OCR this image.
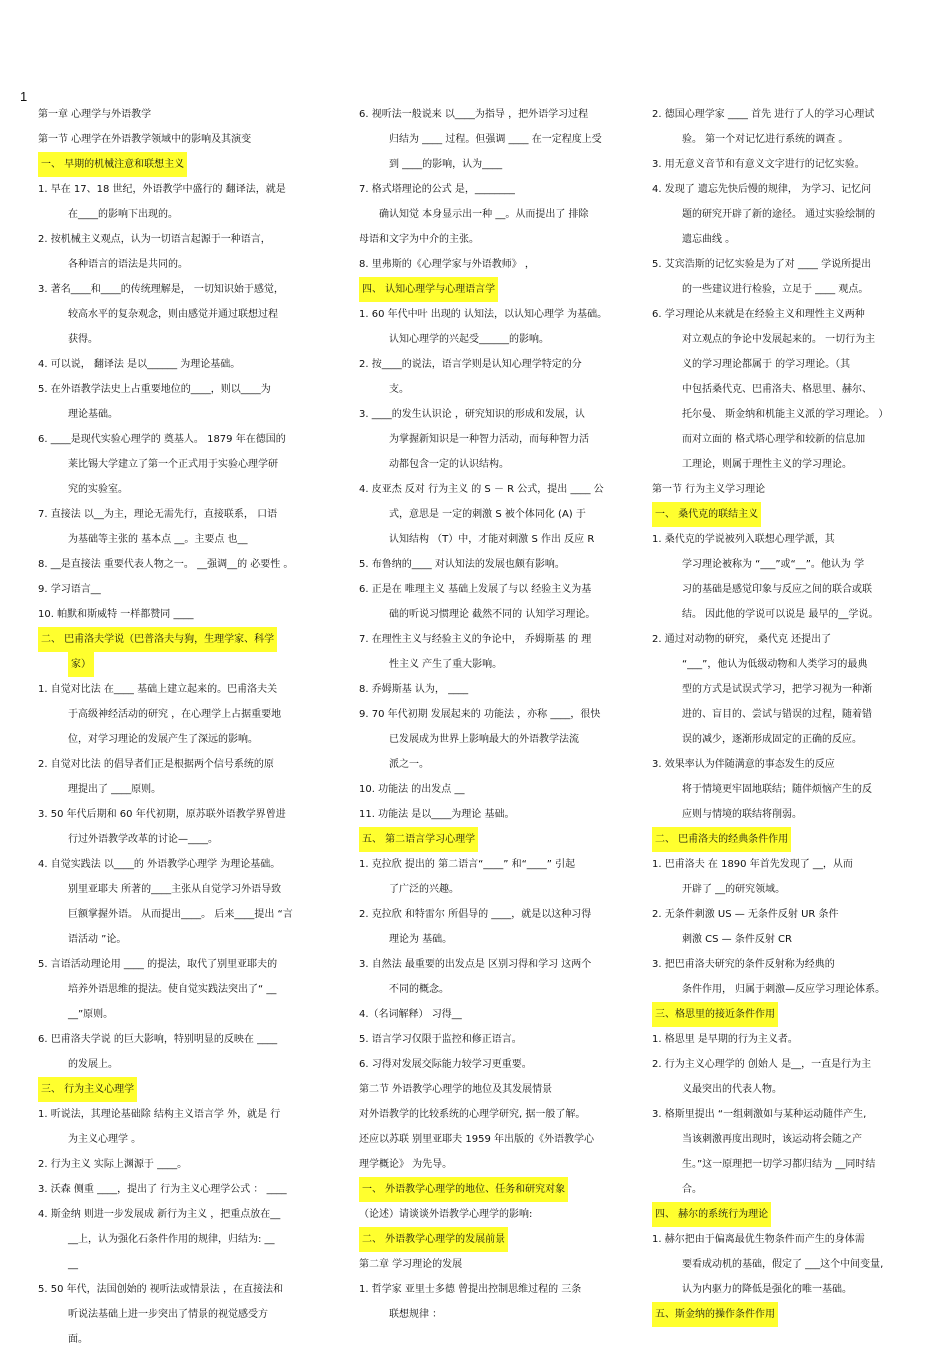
1
第一章 心理学与外语教学
第一节 心理学在外语教学领域中的影响及其演变
一、 早期的机械注意和联想主义
1. 早在 17、18 世纪，外语教学中盛行的 翻译法，就是
在____的影响下出现的。
2. 按机械主义观点，认为一切语言起源于一种语言，
各种语言的语法是共同的。
3. 著名____和____的传统理解是， 一切知识始于感觉，
较高水平的复杂观念，则由感觉并通过联想过程
获得。
4. 可以说， 翻译法 是以______ 为理论基础。
5. 在外语教学法史上占重要地位的____，则以____为
理论基础。
6. ____是现代实验心理学的 奠基人。 1879 年在德国的
莱比锡大学建立了第一个正式用于实验心理学研
究的实验室。
7. 直接法 以__为主，理论无需先行，直接联系， 口语
为基础等主张的 基本点 __。主要点 也__
8. __是直接法 重要代表人物之一。 __强调__的 必要性 。
9. 学习语言__
10. 帕默和斯威特 一样都赞同 ____
二、 巴甫洛夫学说（巴普洛夫与狗，生理学家、科学
家）
1. 自觉对比法 在____ 基础上建立起来的。巴甫洛夫关
于高级神经活动的研究 ，在心理学上占据重要地
位，对学习理论的发展产生了深远的影响。
2. 自觉对比法 的倡导者们正是根据两个信号系统的原
理提出了 ____原则。
3. 50 年代后期和 60 年代初期，原苏联外语教学界曾进
行过外语教学改革的讨论—____。
4. 自觉实践法 以____的 外语教学心理学 为理论基础。
别里亚耶夫 所著的____主张从自觉学习外语导致
巨额掌握外语。 从而提出____。 后来____提出 “言
语活动 ”论。
5. 言语活动理论用 ____ 的提法，取代了别里亚耶夫的
培养外语思维的提法。使自觉实践法突出了“ __
__”原则。
6. 巴甫洛夫学说 的巨大影响，特别明显的反映在 ____
的发展上。
三、 行为主义心理学
1. 听说法，其理论基础除 结构主义语言学 外，就是 行
为主义心理学 。
2. 行为主义 实际上渊源于 ____。
3. 沃森 侧重 ____，提出了 行为主义心理学公式 ： ____
4. 斯金纳 则进一步发展成 新行为主义 ，把重点放在__
__上，认为强化石条件作用的规律，归结为: __
__
5. 50 年代，法国创始的 视听法或情景法 ，在直接法和
听说法基础上进一步突出了情景的视觉感受方
面。
6. 视听法一般说来 以____为指导 ，把外语学习过程
归结为 ____ 过程。但强调 ____ 在一定程度上受
到 ____的影响，认为____
7. 格式塔理论的公式 是，________
确认知觉 本身显示出一种 __。从而提出了 排除
母语和文字为中介的主张。
8. 里弗斯的《心理学家与外语教师》 ，
四、 认知心理学与心理语言学
1. 60 年代中叶 出现的 认知法，以认知心理学 为基础。
认知心理学的兴起受______的影响。
2. 按____的说法，语言学则是认知心理学特定的分
支。
3. ____的发生认识论 ，研究知识的形成和发展，认
为掌握新知识是一种智力活动，而每种智力活
动都包含一定的认识结构。
4. 皮亚杰 反对 行为主义 的 S － R 公式，提出 ____ 公
式，意思是 一定的刺激 S 被个体同化 (A) 于
认知结构 （T）中，才能对刺激 S 作出 反应 R
5. 布鲁纳的____ 对认知法的发展也颇有影响。
6. 正是在 唯理主义 基础上发展了与以 经验主义为基
础的听说习惯理论 截然不同的 认知学习理论。
7. 在理性主义与经验主义的争论中， 乔姆斯基 的 理
性主义 产生了重大影响。
8. 乔姆斯基 认为， ____
9. 70 年代初期 发展起来的 功能法 ，亦称 ____，很快
已发展成为世界上影响最大的外语教学法流
派之一。
10. 功能法 的出发点 __
11. 功能法 是以____为理论 基础。
五、 第二语言学习心理学
1. 克拉欣 提出的 第二语言“____” 和“____” 引起
了广泛的兴趣。
2. 克拉欣 和特雷尔 所倡导的 ____，就是以这种习得
理论为 基础。
3. 自然法 最重要的出发点是 区别习得和学习 这两个
不同的概念。
4.（名词解释） 习得__
5. 语言学习仅限于监控和修正语言。
6. 习得对发展交际能力较学习更重要。
第二节 外语教学心理学的地位及其发展情景
对外语教学的比较系统的心理学研究, 据一般了解。
还应以苏联 别里亚耶夫 1959 年出版的《外语教学心
理学概论》 为先导。
一、 外语教学心理学的地位、任务和研究对象
（论述）请谈谈外语教学心理学的影响:
二、 外语教学心理学的发展前景
第二章 学习理论的发展
1. 哲学家 亚里士多德 曾提出控制思维过程的 三条
联想规律 ：
2. 德国心理学家 ____ 首先 进行了人的学习心理试
验。 第一个对记忆进行系统的调查 。
3. 用无意义音节和有意义文字进行的记忆实验。
4. 发现了 遗忘先快后慢的规律， 为学习、记忆问
题的研究开辟了新的途径。 通过实验绘制的
遗忘曲线 。
5. 艾宾浩斯的记忆实验是为了对 ____ 学说所提出
的一些建议进行检验，立足于 ____ 观点。
6. 学习理论从来就是在经验主义和理性主义两种
对立观点的争论中发展起来的。 一切行为主
义的学习理论都属于 的学习理论。（其
中包括桑代克、巴甫洛夫、格思里、赫尔、
托尔曼、 斯金纳和机能主义派的学习理论。 ）
而对立面的 格式塔心理学和较新的信息加
工理论，则属于理性主义的学习理论。
第一节 行为主义学习理论
一、 桑代克的联结主义
1. 桑代克的学说被列入联想心理学派，其
学习理论被称为 “___”或“__”。他认为 学
习的基础是感觉印象与反应之间的联合或联
结。 因此他的学说可以说是 最早的__学说。
2. 通过对动物的研究， 桑代克 还提出了
“___”，他认为低级动物和人类学习的最典
型的方式是试误式学习，把学习视为一种渐
进的、盲目的、尝试与错误的过程，随着错
误的减少，逐渐形成固定的正确的反应。
3. 效果率认为伴随满意的事态发生的反应
将于情境更牢固地联结；随伴烦恼产生的反
应则与情境的联结将削弱。
二、 巴甫洛夫的经典条件作用
1. 巴甫洛夫 在 1890 年首先发现了 __，从而
开辟了 __的研究领域。
2. 无条件刺激 US — 无条件反射 UR 条件
刺激 CS — 条件反射 CR
3. 把巴甫洛夫研究的条件反射称为经典的
条件作用， 归属于刺激—反应学习理论体系。
三、格思里的接近条件作用
1. 格思里 是早期的行为主义者。
2. 行为主义心理学的 创始人 是__，一直是行为主
义最突出的代表人物。
3. 格斯里提出 “一组刺激如与某种运动随伴产生,
当该刺激再度出现时，该运动将会随之产
生。”这一原理把一切学习都归结为 __同时结
合。
四、 赫尔的系统行为理论
1. 赫尔把由于偏离最优生物条件而产生的身体需
要看成动机的基础，假定了 ___这个中间变量,
认为内驱力的降低是强化的唯一基础。
五、斯金纳的操作条件作用
